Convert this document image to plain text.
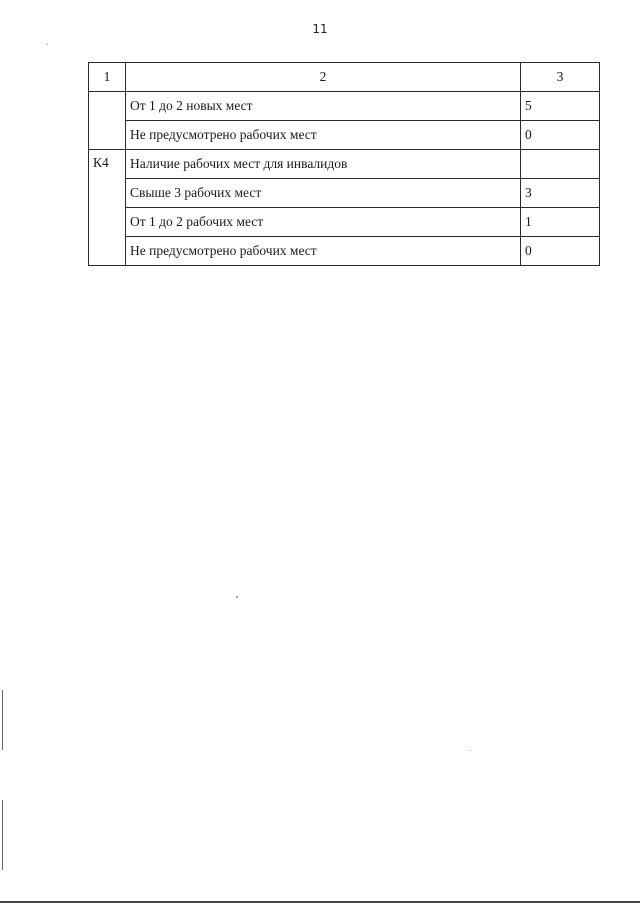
11
1	2	3
	От 1 до 2 новых мест	5
	Не предусмотрено рабочих мест	0
К4	Наличие рабочих мест для инвалидов	
	Свыше 3 рабочих мест	3
	От 1 до 2 рабочих мест	1
	Не предусмотрено рабочих мест	0
